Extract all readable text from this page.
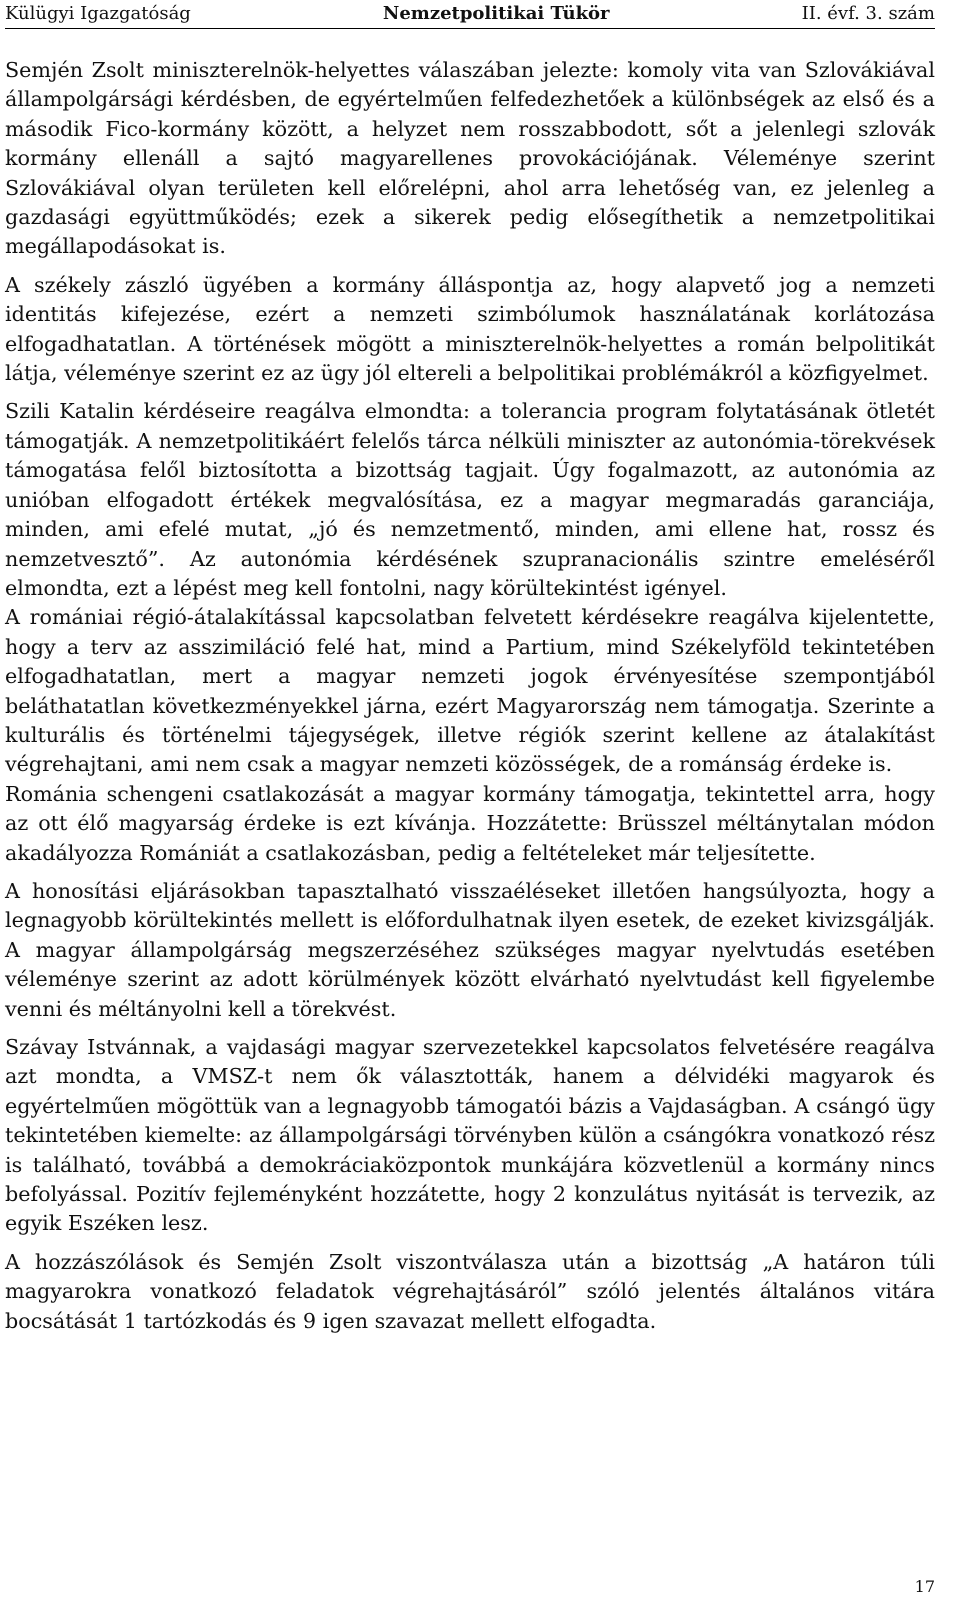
Külügyi Igazgatóság	Nemzetpolitikai Tükör	II. évf. 3. szám

Semjén Zsolt miniszterelnök-helyettes válaszában jelezte: komoly vita van Szlovákiával állampolgársági kérdésben, de egyértelműen felfedezhetőek a különbségek az első és a második Fico-kormány között, a helyzet nem rosszabbodott, sőt a jelenlegi szlovák kormány ellenáll a sajtó magyarellenes provokációjának. Véleménye szerint Szlovákiával olyan területen kell előrelépni, ahol arra lehetőség van, ez jelenleg a gazdasági együttműködés; ezek a sikerek pedig elősegíthetik a nemzetpolitikai megállapodásokat is.

A székely zászló ügyében a kormány álláspontja az, hogy alapvető jog a nemzeti identitás kifejezése, ezért a nemzeti szimbólumok használatának korlátozása elfogadhatatlan. A történések mögött a miniszterelnök-helyettes a román belpolitikát látja, véleménye szerint ez az ügy jól eltereli a belpolitikai problémákról a közfigyelmet.

Szili Katalin kérdéseire reagálva elmondta: a tolerancia program folytatásának ötletét támogatják. A nemzetpolitikáért felelős tárca nélküli miniszter az autonómia-törekvések támogatása felől biztosította a bizottság tagjait. Úgy fogalmazott, az autonómia az unióban elfogadott értékek megvalósítása, ez a magyar megmaradás garanciája, minden, ami efelé mutat, „jó és nemzetmentő, minden, ami ellene hat, rossz és nemzetvesztő”. Az autonómia kérdésének szupranacionális szintre emeléséről elmondta, ezt a lépést meg kell fontolni, nagy körültekintést igényel.

A romániai régió-átalakítással kapcsolatban felvetett kérdésekre reagálva kijelentette, hogy a terv az asszimiláció felé hat, mind a Partium, mind Székelyföld tekintetében elfogadhatatlan, mert a magyar nemzeti jogok érvényesítése szempontjából beláthatatlan következményekkel járna, ezért Magyarország nem támogatja. Szerinte a kulturális és történelmi tájegységek, illetve régiók szerint kellene az átalakítást végrehajtani, ami nem csak a magyar nemzeti közösségek, de a románság érdeke is.

Románia schengeni csatlakozását a magyar kormány támogatja, tekintettel arra, hogy az ott élő magyarság érdeke is ezt kívánja. Hozzátette: Brüsszel méltánytalan módon akadályozza Romániát a csatlakozásban, pedig a feltételeket már teljesítette.

A honosítási eljárásokban tapasztalható visszaéléseket illetően hangsúlyozta, hogy a legnagyobb körültekintés mellett is előfordulhatnak ilyen esetek, de ezeket kivizsgálják. A magyar állampolgárság megszerzéséhez szükséges magyar nyelvtudás esetében véleménye szerint az adott körülmények között elvárható nyelvtudást kell figyelembe venni és méltányolni kell a törekvést.

Szávay Istvánnak, a vajdasági magyar szervezetekkel kapcsolatos felvetésére reagálva azt mondta, a VMSZ-t nem ők választották, hanem a délvidéki magyarok és egyértelműen mögöttük van a legnagyobb támogatói bázis a Vajdaságban. A csángó ügy tekintetében kiemelte: az állampolgársági törvényben külön a csángókra vonatkozó rész is található, továbbá a demokráciaközpontok munkájára közvetlenül a kormány nincs befolyással. Pozitív fejleményként hozzátette, hogy 2 konzulátus nyitását is tervezik, az egyik Eszéken lesz.

A hozzászólások és Semjén Zsolt viszontválasza után a bizottság „A határon túli magyarokra vonatkozó feladatok végrehajtásáról” szóló jelentés általános vitára bocsátását 1 tartózkodás és 9 igen szavazat mellett elfogadta.

17
